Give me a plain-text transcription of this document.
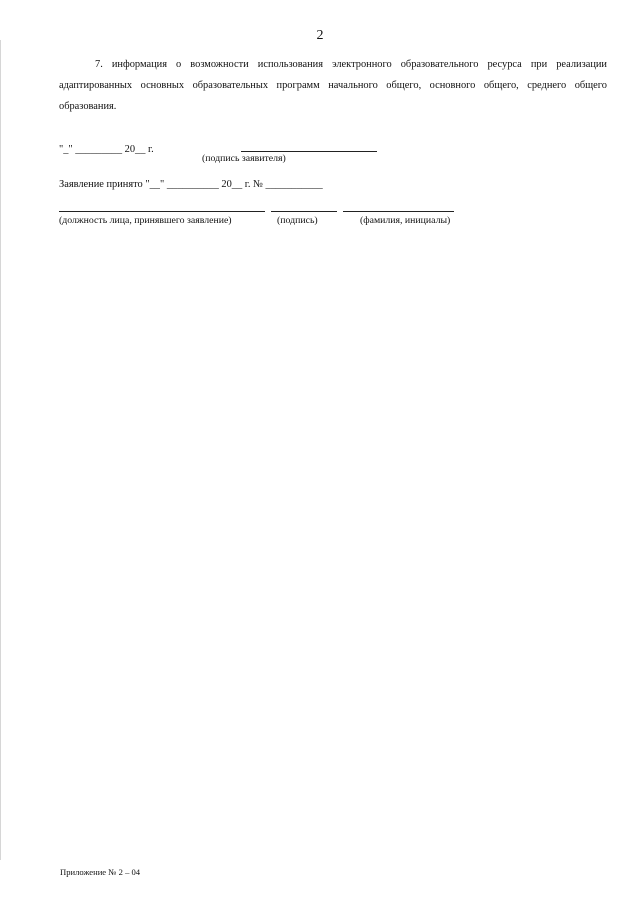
2

7. информация о возможности использования электронного образовательного ресурса при реализации адаптированных основных образовательных программ начального общего, основного общего, среднего общего образования.

"_" _________ 20__ г.

(подпись заявителя)

Заявление принято "__" __________ 20__ г. № ___________

(должность лица, принявшего заявление)	(подпись)	(фамилия, инициалы)

Приложение № 2 – 04
